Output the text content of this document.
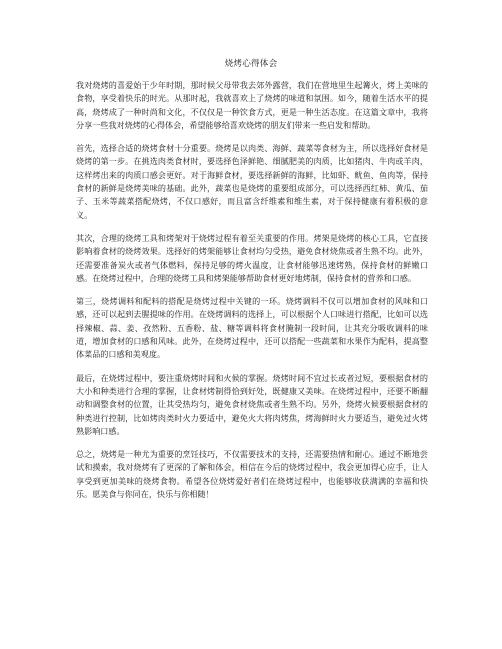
烧烤心得体会

我对烧烤的喜爱始于少年时期，那时候父母带我去郊外露营，我们在营地里生起篝火，烤上美味的食物，享受着快乐的时光。从那时起，我就喜欢上了烧烤的味道和氛围。如今，随着生活水平的提高，烧烤成了一种时尚和文化，不仅仅是一种饮食方式，更是一种生活态度。在这篇文章中，我将分享一些我对烧烤的心得体会，希望能够给喜欢烧烤的朋友们带来一些启发和帮助。

首先，选择合适的烧烤食材十分重要。烧烤是以肉类、海鲜、蔬菜等食材为主，所以选择好食材是烧烤的第一步。在挑选肉类食材时，要选择色泽鲜艳、细腻肥美的肉质，比如猪肉、牛肉或羊肉，这样烤出来的肉质口感会更好。对于海鲜食材，要选择新鲜的海鲜，比如虾、鱿鱼、鱼肉等，保持食材的新鲜是烧烤美味的基础。此外，蔬菜也是烧烤的重要组成部分，可以选择西红柿、黄瓜、茄子、玉米等蔬菜搭配烧烤，不仅口感好，而且富含纤维素和维生素，对于保持健康有着积极的意义。

其次，合理的烧烤工具和烤架对于烧烤过程有着至关重要的作用。烤架是烧烤的核心工具，它直接影响着食材的烧烤效果。选择好的烤架能够让食材均匀受热，避免食材烧焦或者生熟不均。此外，还需要准备炭火或者气体燃料，保持足够的烤火温度，让食材能够迅速烤熟，保持食材的鲜嫩口感。在烧烤过程中，合理的烧烤工具和烤架能够帮助食材更好地烤制，保持食材的营养和口感。

第三，烧烤调料和配料的搭配是烧烤过程中关键的一环。烧烤调料不仅可以增加食材的风味和口感，还可以起到去腥提味的作用。在烧烤调料的选择上，可以根据个人口味进行搭配，比如可以选择辣椒、蒜、姜、孜然粉、五香粉、盐、糖等调料将食材腌制一段时间，让其充分吸收调料的味道，增加食材的口感和风味。此外，在烧烤过程中，还可以搭配一些蔬菜和水果作为配料，提高整体菜品的口感和美观度。

最后，在烧烤过程中，要注重烧烤时间和火候的掌握。烧烤时间不宜过长或者过短，要根据食材的大小和种类进行合理的掌握，让食材烤制得恰到好处，既健康又美味。在烧烤过程中，还要不断翻动和调整食材的位置，让其受热均匀，避免食材烧焦或者生熟不均。另外，烧烤火候要根据食材的种类进行控制，比如烤肉类时火力要适中，避免火大将肉烤焦，烤海鲜时火力要适当，避免过火烤熟影响口感。

总之，烧烤是一种尤为重要的烹饪技巧，不仅需要技术的支持，还需要热情和耐心。通过不断地尝试和摸索，我对烧烤有了更深的了解和体会，相信在今后的烧烤过程中，我会更加得心应手，让人享受到更加美味的烧烤食物。希望各位烧烤爱好者们在烧烤过程中，也能够收获满满的幸福和快乐。愿美食与你同在，快乐与你相随！
